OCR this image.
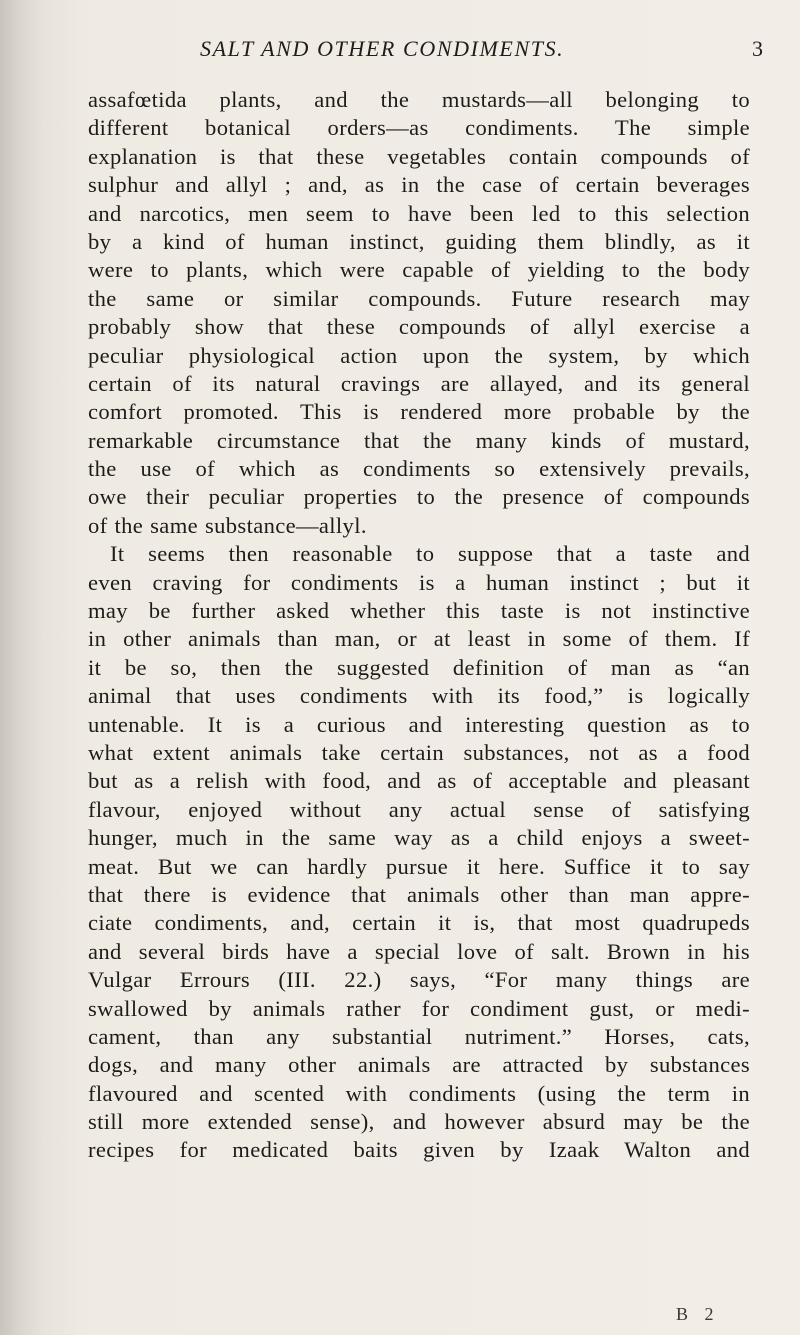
SALT AND OTHER CONDIMENTS.	3
assafœtida plants, and the mustards—all belonging to
different botanical orders—as condiments. The simple
explanation is that these vegetables contain compounds of
sulphur and allyl ; and, as in the case of certain beverages
and narcotics, men seem to have been led to this selection
by a kind of human instinct, guiding them blindly, as it
were to plants, which were capable of yielding to the body
the same or similar compounds. Future research may
probably show that these compounds of allyl exercise a
peculiar physiological action upon the system, by which
certain of its natural cravings are allayed, and its general
comfort promoted. This is rendered more probable by the
remarkable circumstance that the many kinds of mustard,
the use of which as condiments so extensively prevails,
owe their peculiar properties to the presence of compounds
of the same substance—allyl.
It seems then reasonable to suppose that a taste and
even craving for condiments is a human instinct ; but it
may be further asked whether this taste is not instinctive
in other animals than man, or at least in some of them. If
it be so, then the suggested definition of man as “an
animal that uses condiments with its food,” is logically
untenable. It is a curious and interesting question as to
what extent animals take certain substances, not as a food
but as a relish with food, and as of acceptable and pleasant
flavour, enjoyed without any actual sense of satisfying
hunger, much in the same way as a child enjoys a sweet-
meat. But we can hardly pursue it here. Suffice it to say
that there is evidence that animals other than man appre-
ciate condiments, and, certain it is, that most quadrupeds
and several birds have a special love of salt. Brown in his
Vulgar Errours (III. 22.) says, “For many things are
swallowed by animals rather for condiment gust, or medi-
cament, than any substantial nutriment.” Horses, cats,
dogs, and many other animals are attracted by substances
flavoured and scented with condiments (using the term in
still more extended sense), and however absurd may be the
recipes for medicated baits given by Izaak Walton and
B 2
